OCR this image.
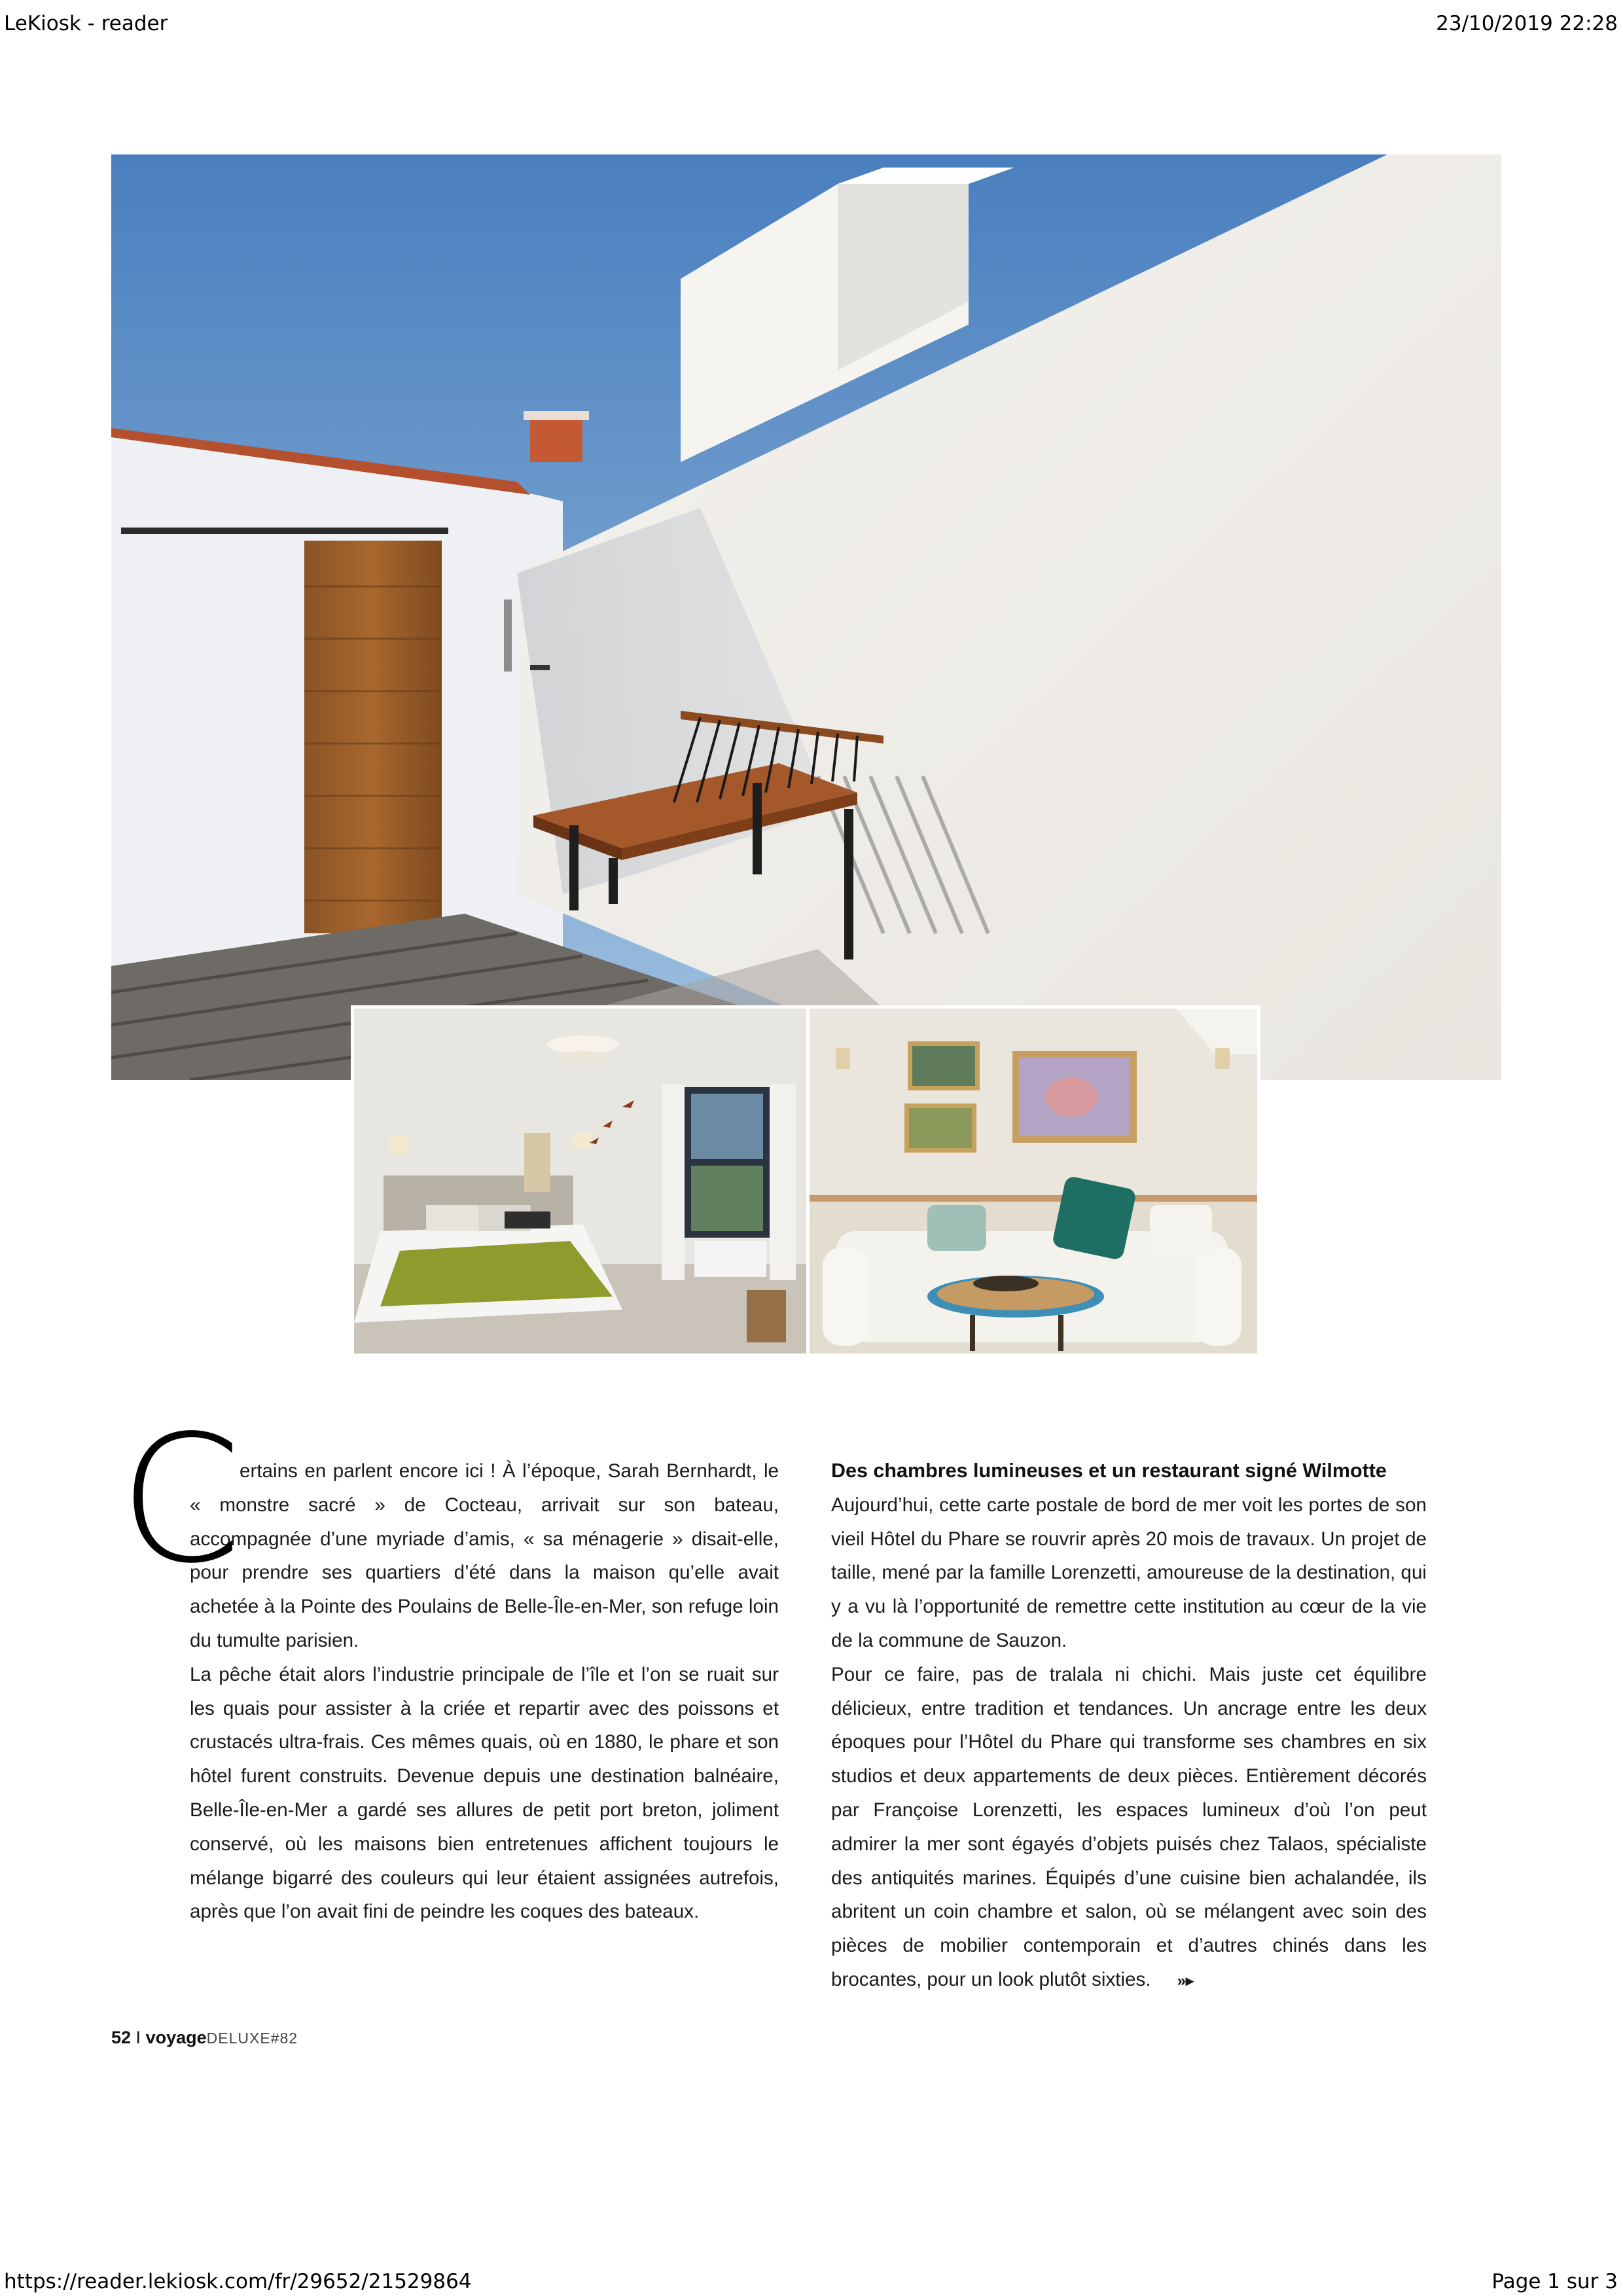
LeKiosk - reader	23/10/2019 22:28
C

ertains en parlent encore ici ! À l’époque, Sarah Bernhardt, le « monstre sacré » de Cocteau, arrivait sur son bateau, accompagnée d’une myriade d’amis, « sa ménagerie » disait-elle, pour prendre ses quartiers d’été dans la maison qu’elle avait achetée à la Pointe des Poulains de Belle-Île-en-Mer, son refuge loin du tumulte parisien.

La pêche était alors l’industrie principale de l’île et l’on se ruait sur les quais pour assister à la criée et repartir avec des poissons et crustacés ultra-frais. Ces mêmes quais, où en 1880, le phare et son hôtel furent construits. Devenue depuis une destination balnéaire, Belle-Île-en-Mer a gardé ses allures de petit port breton, joliment conservé, où les maisons bien entretenues affichent toujours le mélange bigarré des couleurs qui leur étaient assignées autrefois, après que l’on avait fini de peindre les coques des bateaux.

Des chambres lumineuses et un restaurant signé Wilmotte

Aujourd’hui, cette carte postale de bord de mer voit les portes de son vieil Hôtel du Phare se rouvrir après 20 mois de travaux. Un projet de taille, mené par la famille Lorenzetti, amoureuse de la destination, qui y a vu là l’opportunité de remettre cette institution au cœur de la vie de la commune de Sauzon.

Pour ce faire, pas de tralala ni chichi. Mais juste cet équilibre délicieux, entre tradition et tendances. Un ancrage entre les deux époques pour l’Hôtel du Phare qui transforme ses chambres en six studios et deux appartements de deux pièces. Entièrement décorés par Françoise Lorenzetti, les espaces lumineux d’où l’on peut admirer la mer sont égayés d’objets puisés chez Talaos, spécialiste des antiquités marines. Équipés d’une cuisine bien achalandée, ils abritent un coin chambre et salon, où se mélangent avec soin des pièces de mobilier contemporain et d’autres chinés dans les brocantes, pour un look plutôt sixties. »▸

52 I voyageDELUXE#82
https://reader.lekiosk.com/fr/29652/21529864	Page 1 sur 3
